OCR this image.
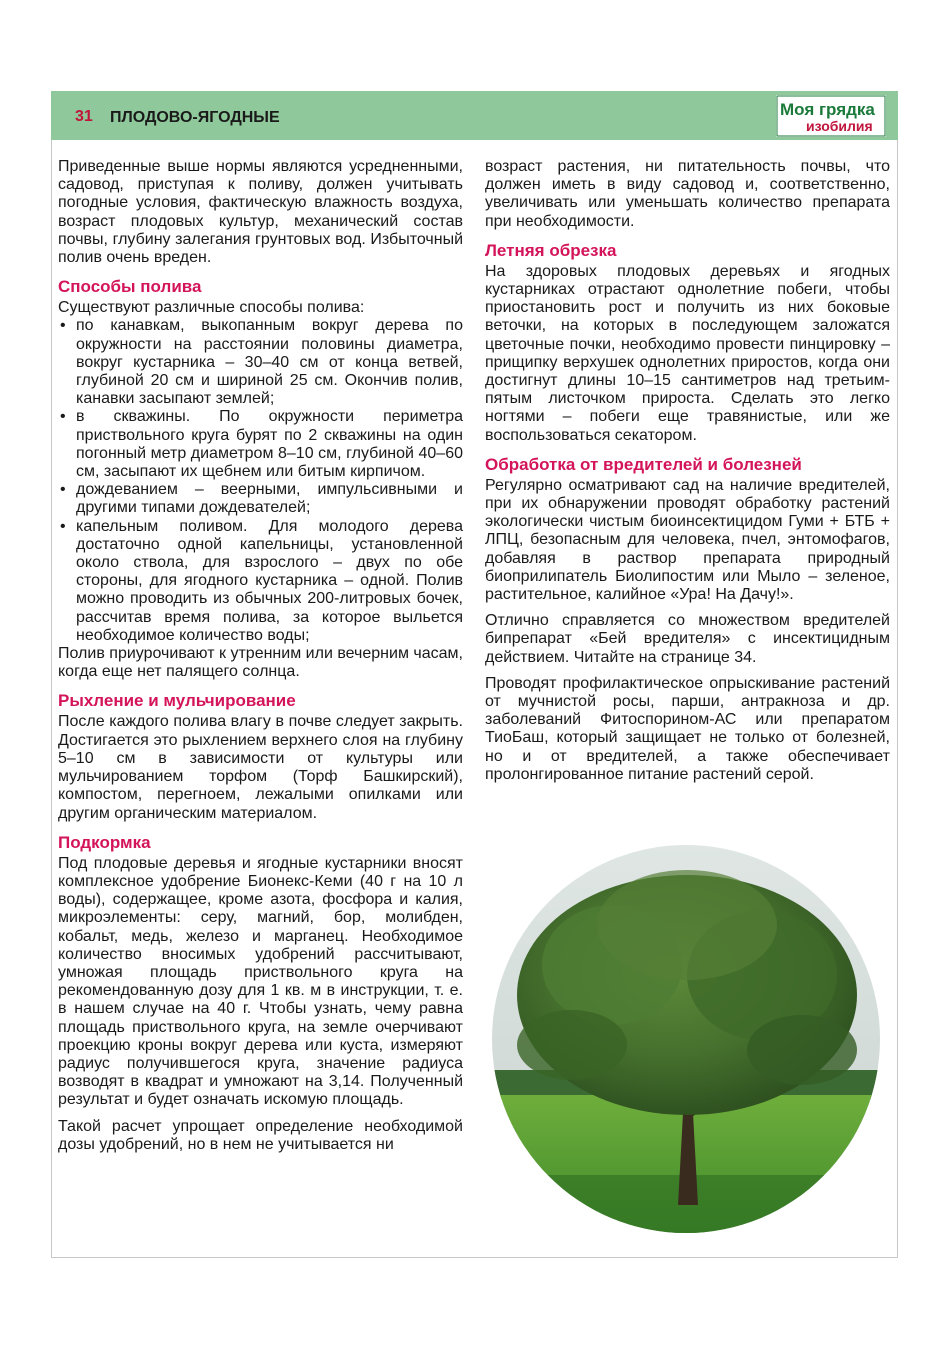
31 ПЛОДОВО-ЯГОДНЫЕ	Моя грядка
изобилия

Приведенные выше нормы являются усредненными, садовод, приступая к поливу, должен учитывать погодные условия, фактическую влажность воздуха, возраст плодовых культур, механический состав почвы, глубину залегания грунтовых вод. Избыточный полив очень вреден.

Способы полива

Существуют различные способы полива:

• по канавкам, выкопанным вокруг дерева по окружности на расстоянии половины диаметра, вокруг кустарника – 30–40 см от конца ветвей, глубиной 20 см и шириной 25 см. Окончив полив, канавки засыпают землей;
• в скважины. По окружности периметра приствольного круга бурят по 2 скважины на один погонный метр диаметром 8–10 см, глубиной 40–60 см, засыпают их щебнем или битым кирпичом.
• дождеванием – веерными, импульсивными и другими типами дождевателей;
• капельным поливом. Для молодого дерева достаточно одной капельницы, установленной около ствола, для взрослого – двух по обе стороны, для ягодного кустарника – одной. Полив можно проводить из обычных 200-литровых бочек, рассчитав время полива, за которое выльется необходимое количество воды;

Полив приурочивают к утренним или вечерним часам, когда еще нет палящего солнца.

Рыхление и мульчирование

После каждого полива влагу в почве следует закрыть. Достигается это рыхлением верхнего слоя на глубину 5–10 см в зависимости от культуры или мульчированием торфом (Торф Башкирский), компостом, перегноем, лежалыми опилками или другим органическим материалом.

Подкормка

Под плодовые деревья и ягодные кустарники вносят комплексное удобрение Бионекс-Кеми (40 г на 10 л воды), содержащее, кроме азота, фосфора и калия, микроэлементы: серу, магний, бор, молибден, кобальт, медь, железо и марганец. Необходимое количество вносимых удобрений рассчитывают, умножая площадь приствольного круга на рекомендованную дозу для 1 кв. м в инструкции, т. е. в нашем случае на 40 г. Чтобы узнать, чему равна площадь приствольного круга, на земле очерчивают проекцию кроны вокруг дерева или куста, измеряют радиус получившегося круга, значение радиуса возводят в квадрат и умножают на 3,14. Полученный результат и будет означать искомую площадь.

Такой расчет упрощает определение необходимой дозы удобрений, но в нем не учитывается ни

возраст растения, ни питательность почвы, что должен иметь в виду садовод и, соответственно, увеличивать или уменьшать количество препарата при необходимости.

Летняя обрезка

На здоровых плодовых деревьях и ягодных кустарниках отрастают однолетние побеги, чтобы приостановить рост и получить из них боковые веточки, на которых в последующем заложатся цветочные почки, необходимо провести пинцировку – прищипку верхушек однолетних приростов, когда они достигнут длины 10–15 сантиметров над третьим-пятым листочком прироста. Сделать это легко ногтями – побеги еще травянистые, или же воспользоваться секатором.

Обработка от вредителей и болезней

Регулярно осматривают сад на наличие вредителей, при их обнаружении проводят обработку растений экологически чистым биоинсектицидом Гуми + БТБ + ЛПЦ, безопасным для человека, пчел, энтомофагов, добавляя в раствор препарата природный биоприлипатель Биолипостим или Мыло – зеленое, растительное, калийное «Ура! На Дачу!».

Отлично справляется со множеством вредителей бипрепарат «Бей вредителя» с инсектицидным действием. Читайте на странице 34.

Проводят профилактическое опрыскивание растений от мучнистой росы, парши, антракноза и др. заболеваний Фитоспорином-АС или препаратом ТиоБаш, который защищает не только от болезней, но и от вредителей, а также обеспечивает пролонгированное питание растений серой.
